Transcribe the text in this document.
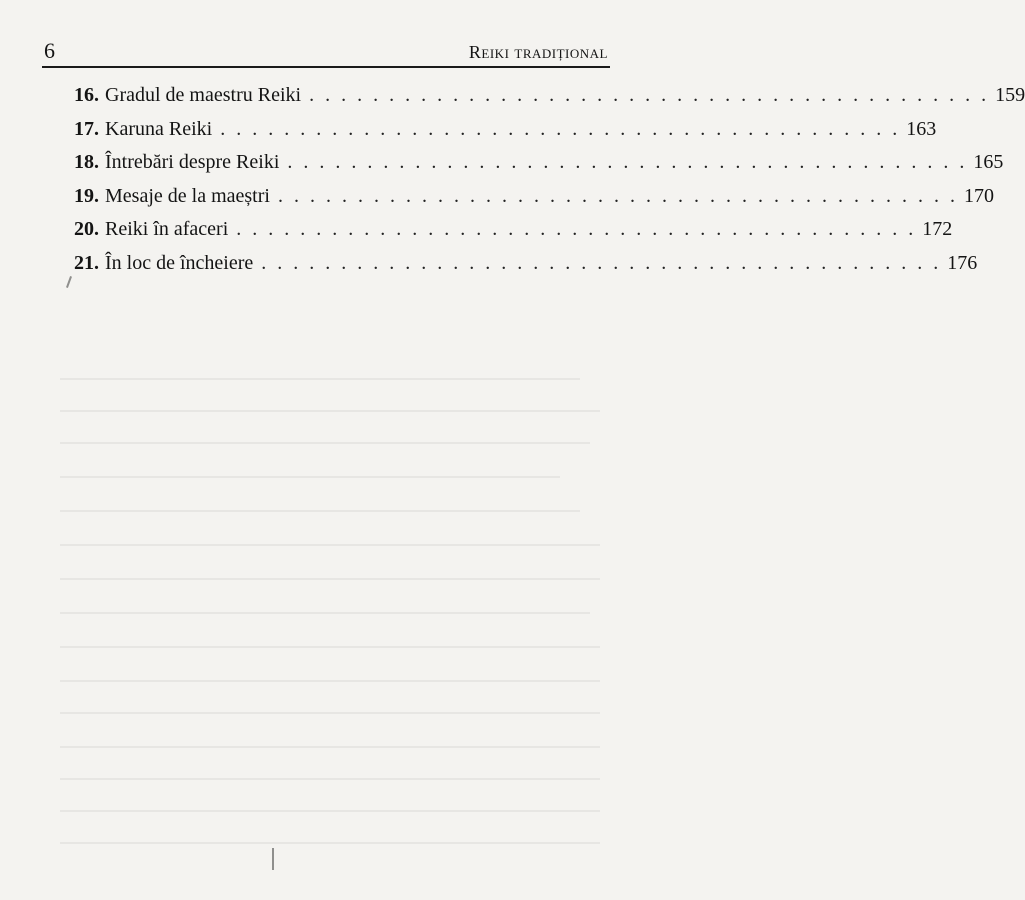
6	Reiki tradițional
16. Gradul de maestru Reiki . . . . . . . . . . . . . . . . . . . . . . . . . . . . . . . . . . . . . . . . . . . 159
17. Karuna Reiki . . . . . . . . . . . . . . . . . . . . . . . . . . . . . . . . . . . . . . . . . . . 163
18. Întrebări despre Reiki . . . . . . . . . . . . . . . . . . . . . . . . . . . . . . . . . . . . . . . . . . . 165
19. Mesaje de la maeștri . . . . . . . . . . . . . . . . . . . . . . . . . . . . . . . . . . . . . . . . . . . 170
20. Reiki în afaceri . . . . . . . . . . . . . . . . . . . . . . . . . . . . . . . . . . . . . . . . . . . 172
21. În loc de încheiere . . . . . . . . . . . . . . . . . . . . . . . . . . . . . . . . . . . . . . . . . . . 176
